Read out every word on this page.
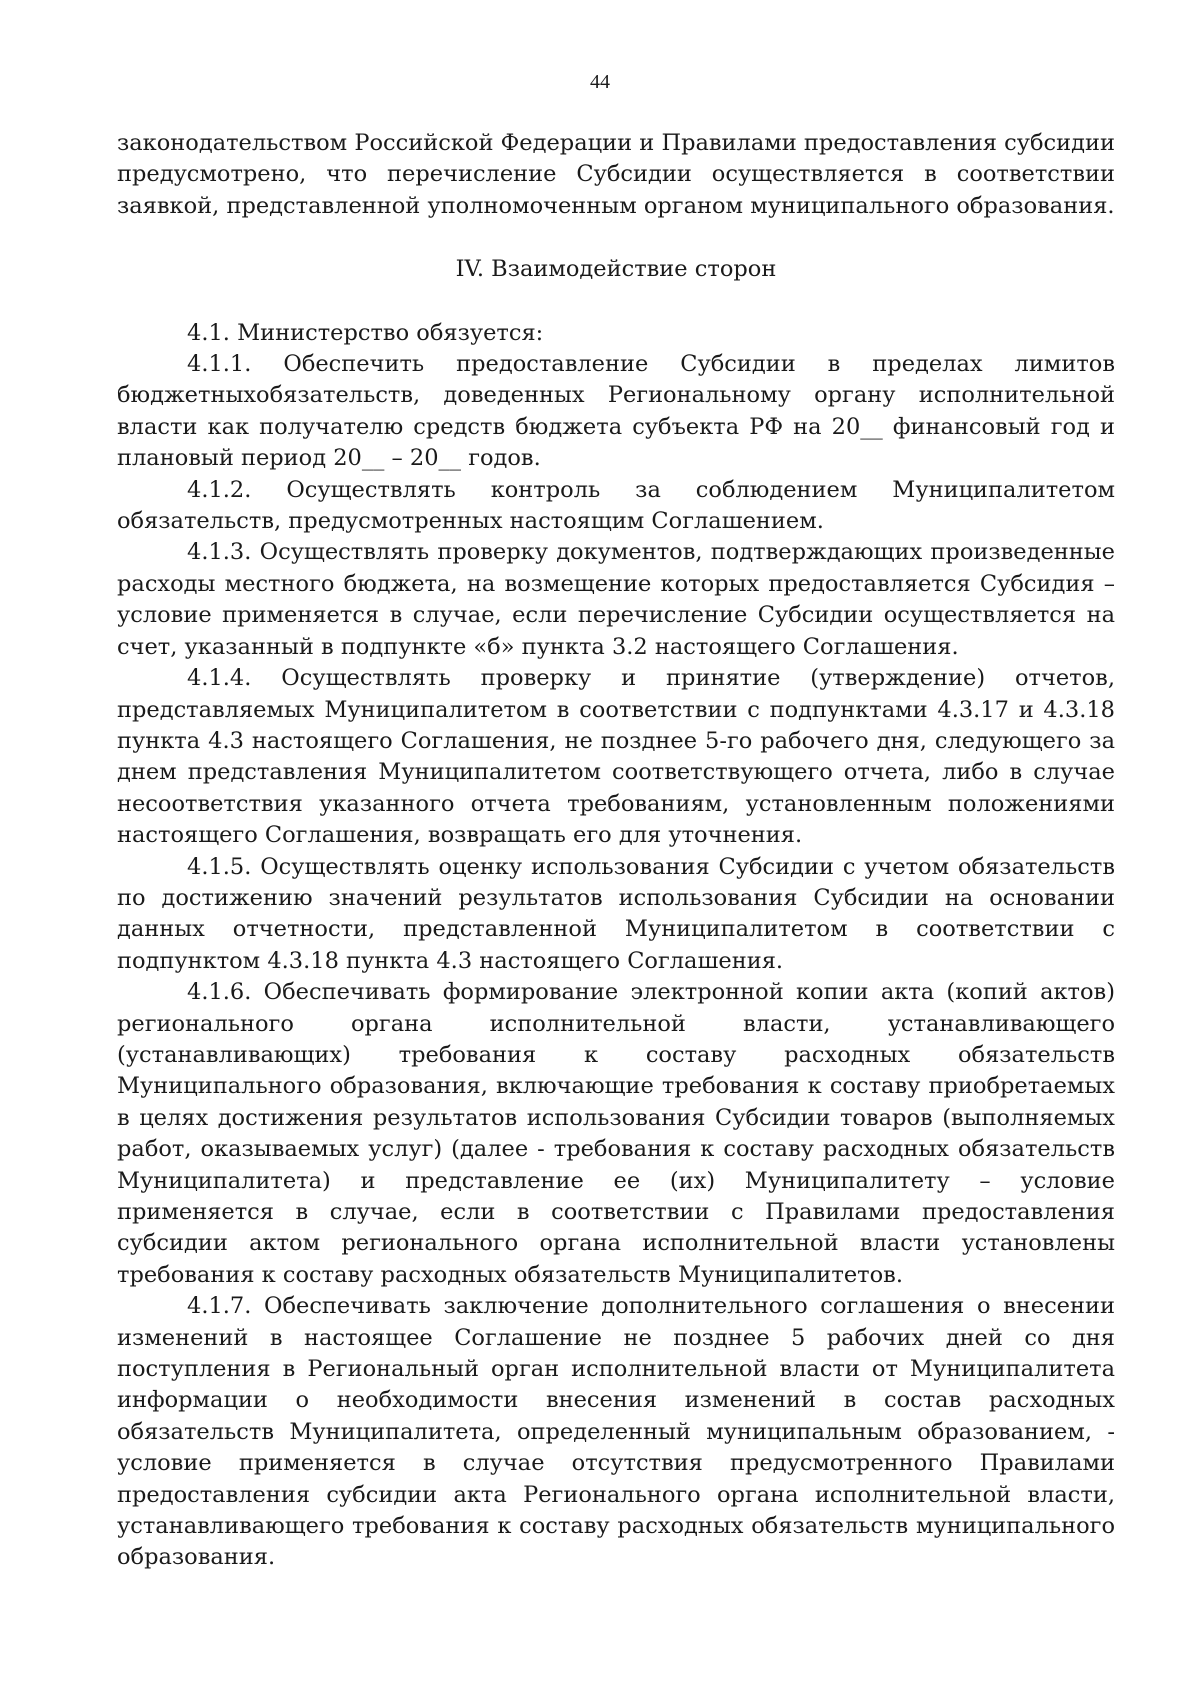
44

законодательством Российской Федерации и Правилами предоставления субсидии предусмотрено, что перечисление Субсидии осуществляется в соответствии заявкой, представленной уполномоченным органом муниципального образования.

IV. Взаимодействие сторон

4.1. Министерство обязуется:

4.1.1. Обеспечить предоставление Субсидии в пределах лимитов бюджетныхобязательств, доведенных Региональному органу исполнительной власти как получателю средств бюджета субъекта РФ на 20__ финансовый год и плановый период 20__ – 20__ годов.

4.1.2. Осуществлять контроль за соблюдением Муниципалитетом обязательств, предусмотренных настоящим Соглашением.

4.1.3. Осуществлять проверку документов, подтверждающих произведенные расходы местного бюджета, на возмещение которых предоставляется Субсидия – условие применяется в случае, если перечисление Субсидии осуществляется на счет, указанный в подпункте «б» пункта 3.2 настоящего Соглашения.

4.1.4. Осуществлять проверку и принятие (утверждение) отчетов, представляемых Муниципалитетом в соответствии с подпунктами 4.3.17 и 4.3.18 пункта 4.3 настоящего Соглашения, не позднее 5-го рабочего дня, следующего за днем представления Муниципалитетом соответствующего отчета, либо в случае несоответствия указанного отчета требованиям, установленным положениями настоящего Соглашения, возвращать его для уточнения.

4.1.5. Осуществлять оценку использования Субсидии с учетом обязательств по достижению значений результатов использования Субсидии на основании данных отчетности, представленной Муниципалитетом в соответствии с подпунктом 4.3.18 пункта 4.3 настоящего Соглашения.

4.1.6. Обеспечивать формирование электронной копии акта (копий актов) регионального органа исполнительной власти, устанавливающего (устанавливающих) требования к составу расходных обязательств Муниципального образования, включающие требования к составу приобретаемых в целях достижения результатов использования Субсидии товаров (выполняемых работ, оказываемых услуг) (далее - требования к составу расходных обязательств Муниципалитета) и представление ее (их) Муниципалитету – условие применяется в случае, если в соответствии с Правилами предоставления субсидии актом регионального органа исполнительной власти установлены требования к составу расходных обязательств Муниципалитетов.

4.1.7. Обеспечивать заключение дополнительного соглашения о внесении изменений в настоящее Соглашение не позднее 5 рабочих дней со дня поступления в Региональный орган исполнительной власти от Муниципалитета информации о необходимости внесения изменений в состав расходных обязательств Муниципалитета, определенный муниципальным образованием, - условие применяется в случае отсутствия предусмотренного Правилами предоставления субсидии акта Регионального органа исполнительной власти, устанавливающего требования к составу расходных обязательств муниципального образования.
